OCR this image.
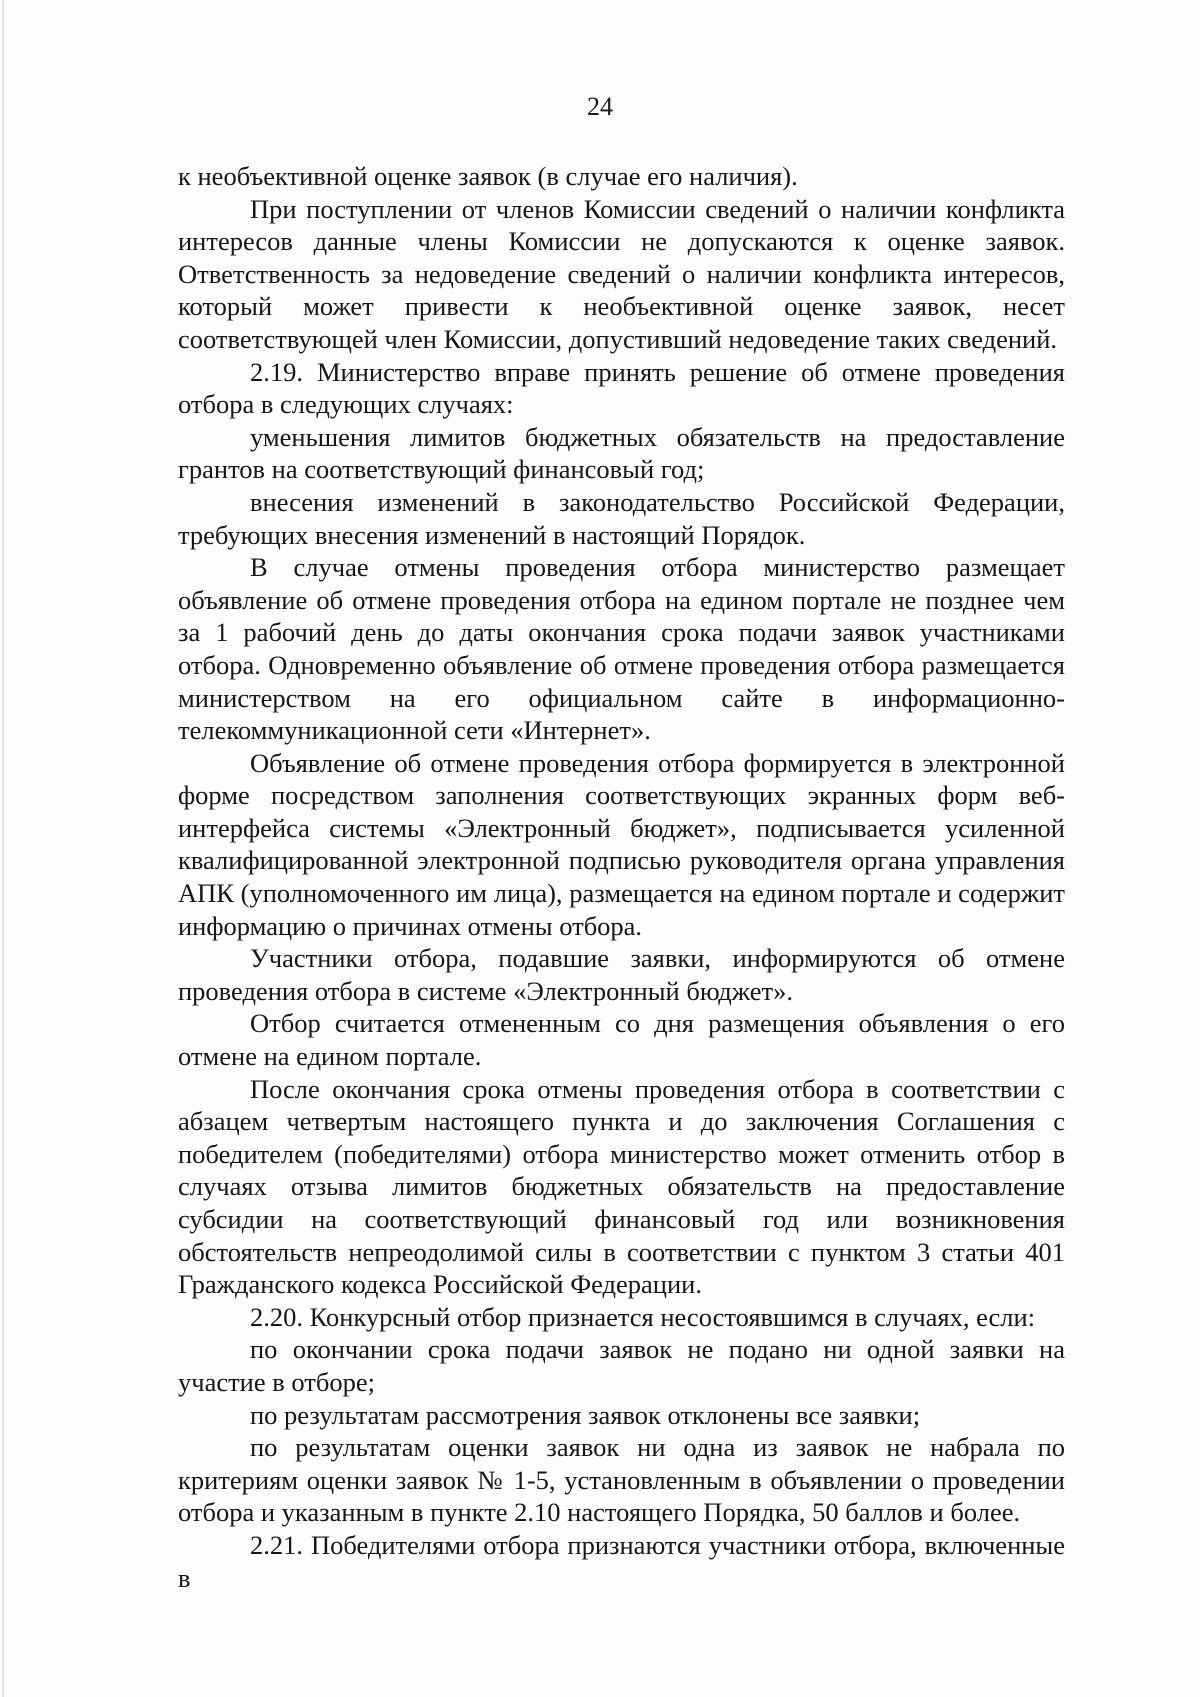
24

к необъективной оценке заявок (в случае его наличия).

При поступлении от членов Комиссии сведений о наличии конфликта интересов данные члены Комиссии не допускаются к оценке заявок. Ответственность за недоведение сведений о наличии конфликта интересов, который может привести к необъективной оценке заявок, несет соответствующей член Комиссии, допустивший недоведение таких сведений.

2.19. Министерство вправе принять решение об отмене проведения отбора в следующих случаях:

уменьшения лимитов бюджетных обязательств на предоставление грантов на соответствующий финансовый год;

внесения изменений в законодательство Российской Федерации, требующих внесения изменений в настоящий Порядок.

В случае отмены проведения отбора министерство размещает объявление об отмене проведения отбора на едином портале не позднее чем за 1 рабочий день до даты окончания срока подачи заявок участниками отбора. Одновременно объявление об отмене проведения отбора размещается министерством на его официальном сайте в информационно-телекоммуникационной сети «Интернет».

Объявление об отмене проведения отбора формируется в электронной форме посредством заполнения соответствующих экранных форм веб-интерфейса системы «Электронный бюджет», подписывается усиленной квалифицированной электронной подписью руководителя органа управления АПК (уполномоченного им лица), размещается на едином портале и содержит информацию о причинах отмены отбора.

Участники отбора, подавшие заявки, информируются об отмене проведения отбора в системе «Электронный бюджет».

Отбор считается отмененным со дня размещения объявления о его отмене на едином портале.

После окончания срока отмены проведения отбора в соответствии с абзацем четвертым настоящего пункта и до заключения Соглашения с победителем (победителями) отбора министерство может отменить отбор в случаях отзыва лимитов бюджетных обязательств на предоставление субсидии на соответствующий финансовый год или возникновения обстоятельств непреодолимой силы в соответствии с пунктом 3 статьи 401 Гражданского кодекса Российской Федерации.

2.20. Конкурсный отбор признается несостоявшимся в случаях, если:

по окончании срока подачи заявок не подано ни одной заявки на участие в отборе;

по результатам рассмотрения заявок отклонены все заявки;

по результатам оценки заявок ни одна из заявок не набрала по критериям оценки заявок № 1-5, установленным в объявлении о проведении отбора и указанным в пункте 2.10 настоящего Порядка, 50 баллов и более.

2.21. Победителями отбора признаются участники отбора, включенные в
